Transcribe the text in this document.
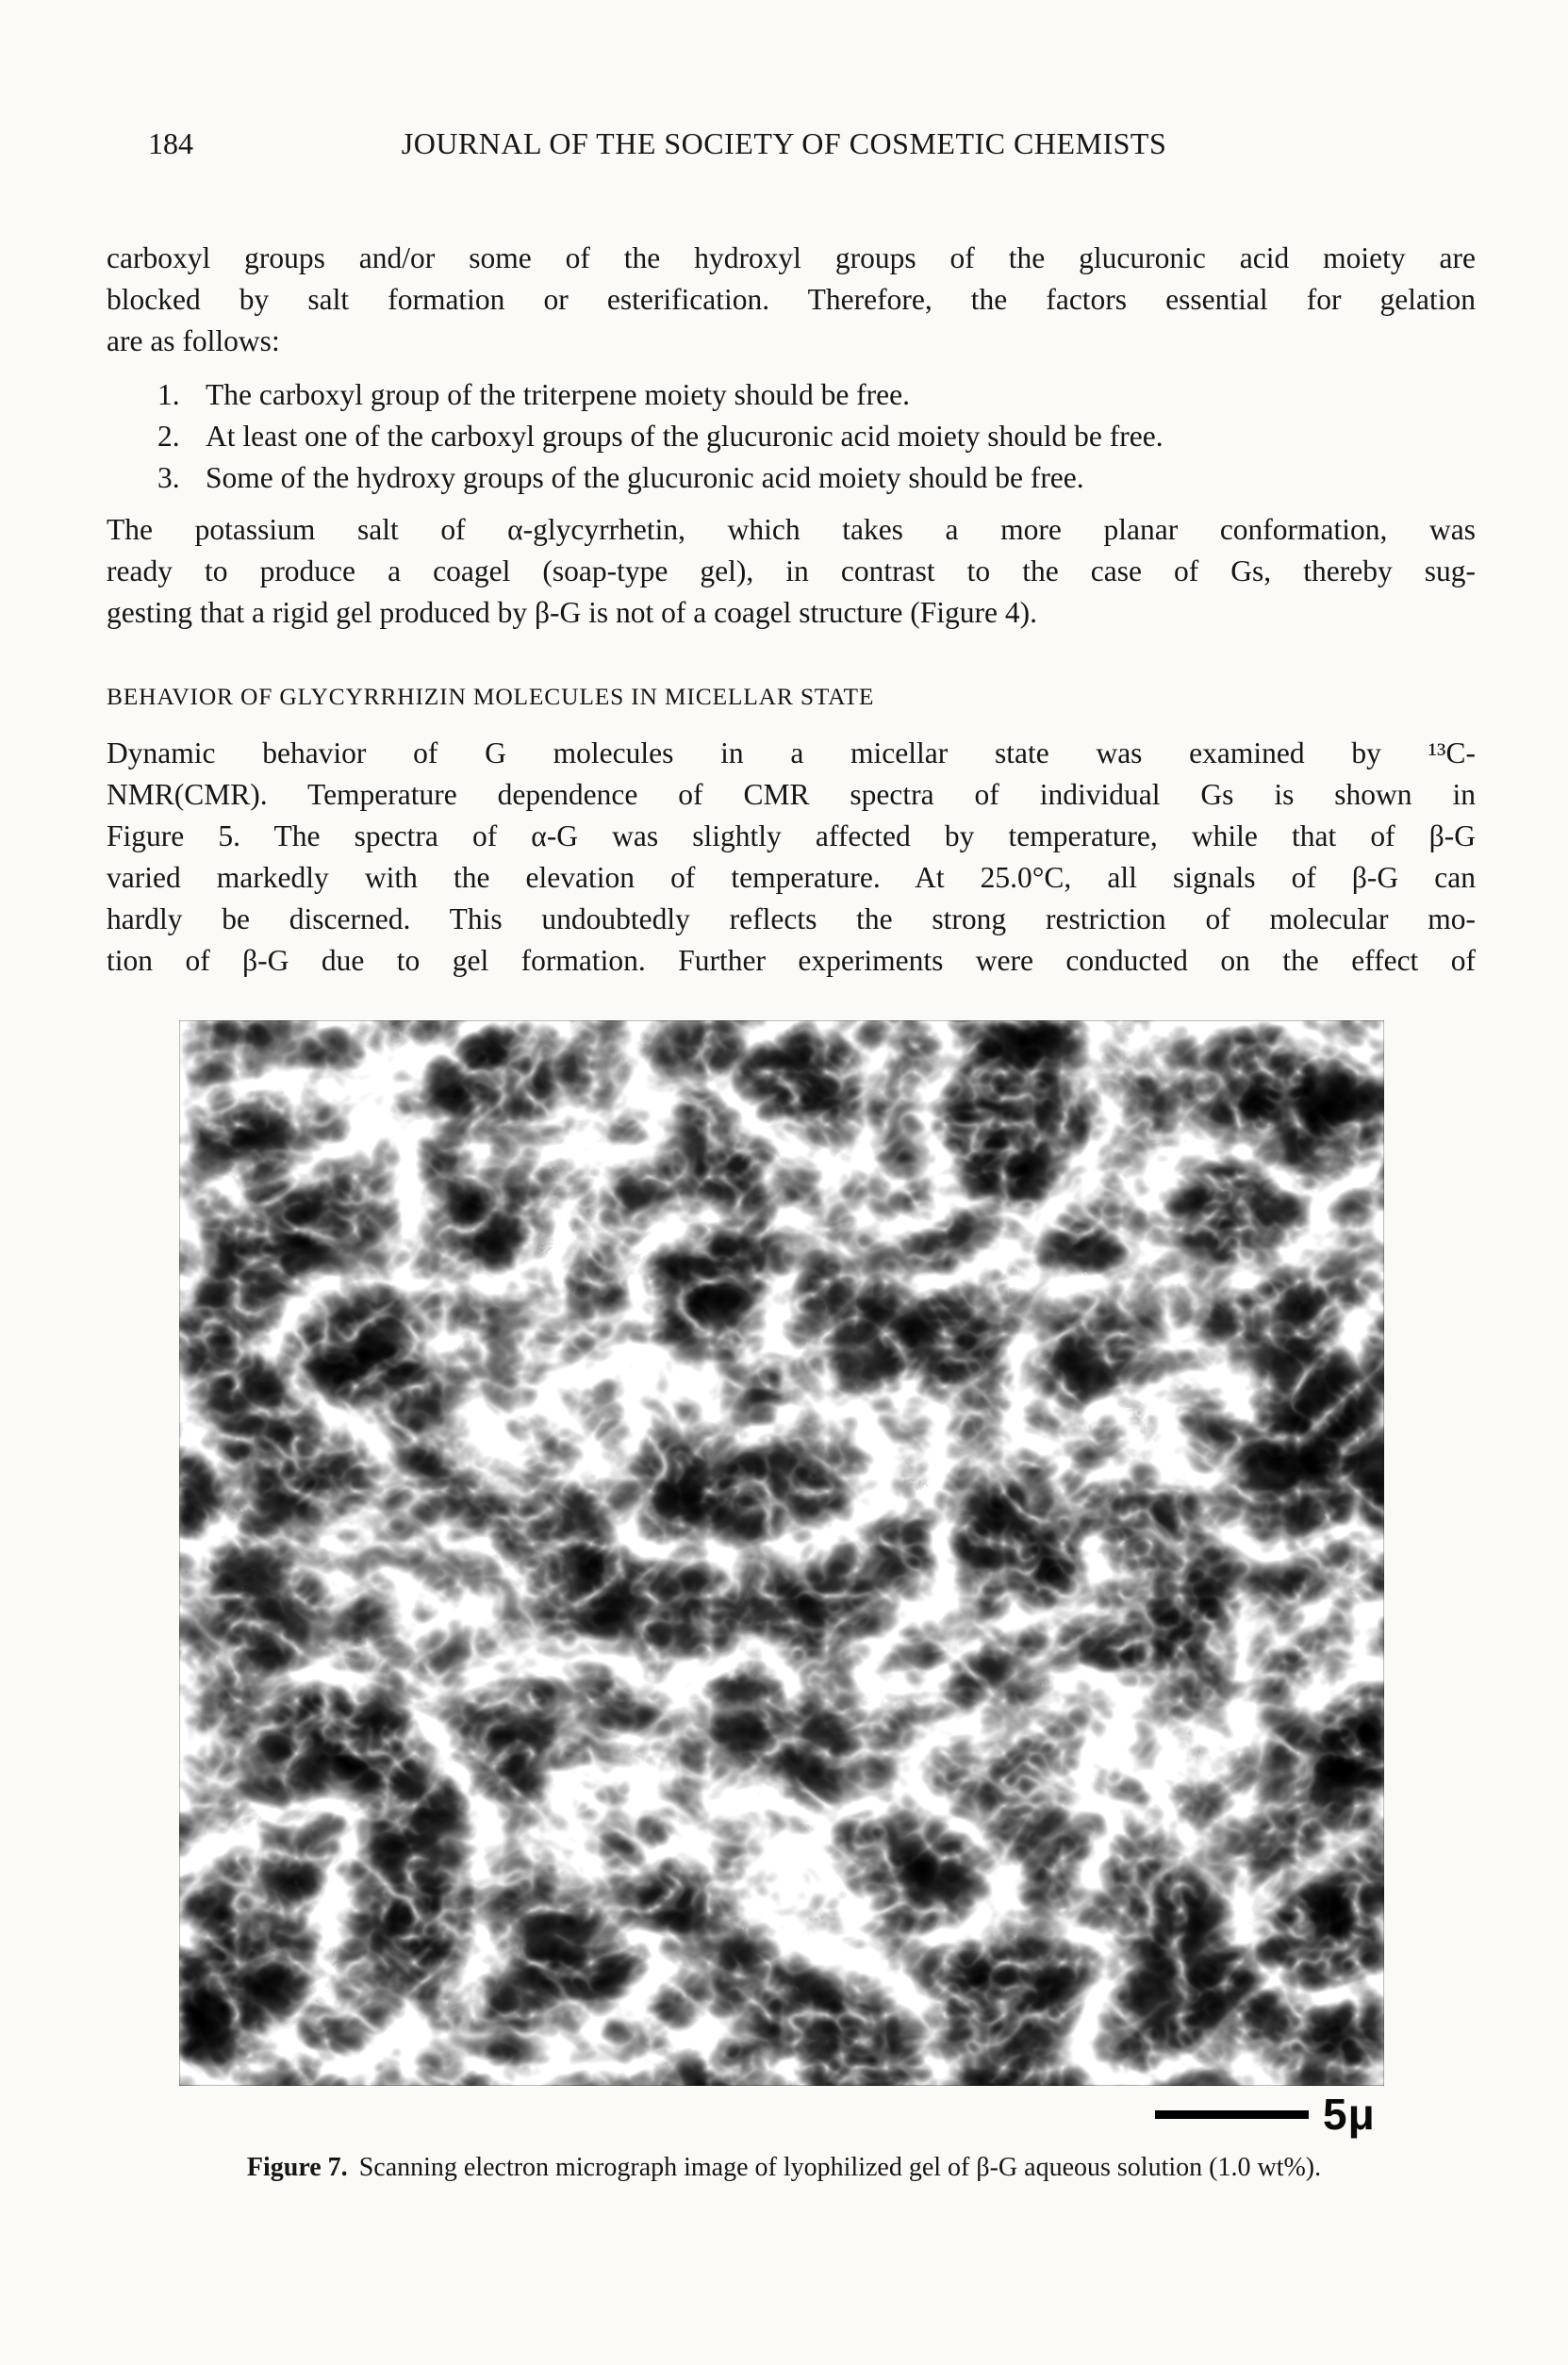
184	JOURNAL OF THE SOCIETY OF COSMETIC CHEMISTS
carboxyl groups and/or some of the hydroxyl groups of the glucuronic acid moiety are
blocked by salt formation or esterification. Therefore, the factors essential for gelation
are as follows:
1. The carboxyl group of the triterpene moiety should be free.
2. At least one of the carboxyl groups of the glucuronic acid moiety should be free.
3. Some of the hydroxy groups of the glucuronic acid moiety should be free.
The potassium salt of α-glycyrrhetin, which takes a more planar conformation, was
ready to produce a coagel (soap-type gel), in contrast to the case of Gs, thereby sug-
gesting that a rigid gel produced by β-G is not of a coagel structure (Figure 4).
BEHAVIOR OF GLYCYRRHIZIN MOLECULES IN MICELLAR STATE
Dynamic behavior of G molecules in a micellar state was examined by ¹³C-
NMR(CMR). Temperature dependence of CMR spectra of individual Gs is shown in
Figure 5. The spectra of α-G was slightly affected by temperature, while that of β-G
varied markedly with the elevation of temperature. At 25.0°C, all signals of β-G can
hardly be discerned. This undoubtedly reflects the strong restriction of molecular mo-
tion of β-G due to gel formation. Further experiments were conducted on the effect of
5μ
Figure 7. Scanning electron micrograph image of lyophilized gel of β-G aqueous solution (1.0 wt%).
